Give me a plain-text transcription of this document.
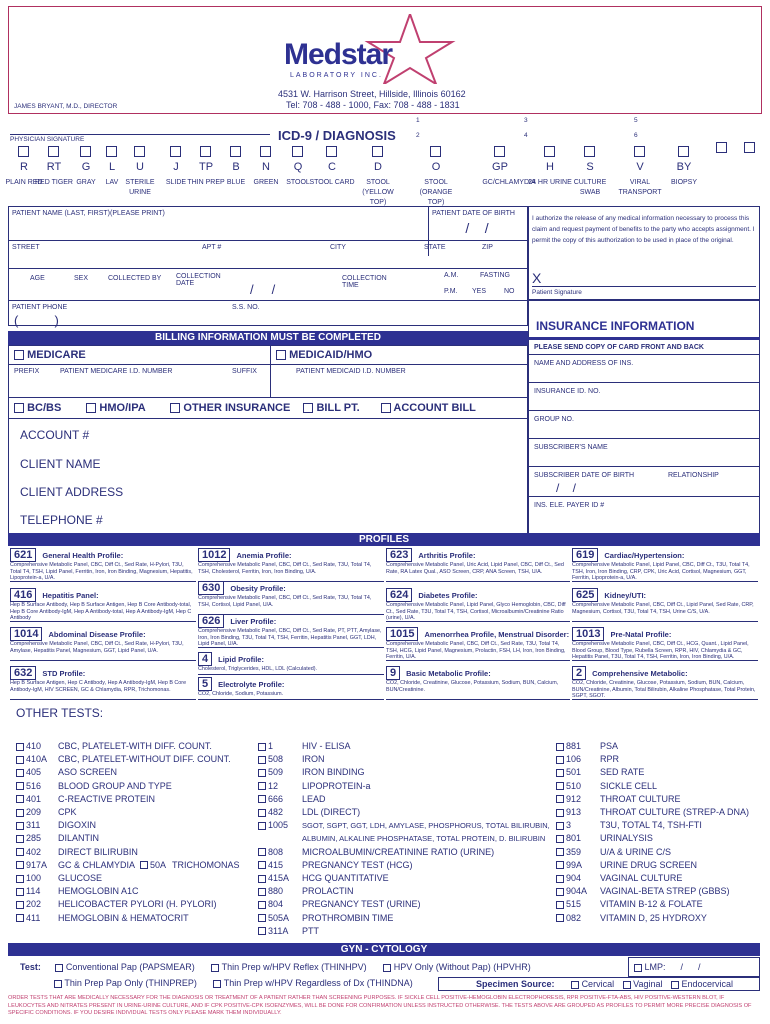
Medstar
LABORATORY INC.
4531 W. Harrison Street, Hillside, Illinois 60162
Tel: 708 - 488 - 1000, Fax: 708 - 488 - 1831
JAMES BRYANT, M.D., DIRECTOR
PHYSICIAN SIGNATURE	ICD-9 / DIAGNOSIS
1
2
3
4
5
6
R
PLAIN RED
RT
RED TIGER
G
GRAY
L
LAV
U
STERILE URINE
J
SLIDE
TP
THIN PREP
B
BLUE
N
GREEN
Q
STOOL
C
STOOL CARD
D
STOOL (YELLOW TOP)
O
STOOL (ORANGE TOP)
GP
GC/CHLAMYDIA
H
24 HR URINE
S
CULTURE SWAB
V
VIRAL TRANSPORT
BY
BIOPSY
PATIENT NAME (LAST, FIRST)(PLEASE PRINT)	PATIENT DATE OF BIRTH
/    /
STREET	APT #	CITY	STATE	ZIP
AGE	SEX	COLLECTED BY COLLECTION DATE	/     /
COLLECTION TIME
A.M.
P.M.
FASTING
YES	NO
PATIENT PHONE
(          )
S.S. NO.
I authorize the release of any medical information necessary to process this claim and request payment of benefits to the party who accepts assignment. I permit the copy of this authorization to be used in place of the original.
X
Patient Signature
BILLING INFORMATION MUST BE COMPLETED
MEDICARE	MEDICAID/HMO
PREFIX	PATIENT MEDICARE I.D. NUMBER	SUFFIX	PATIENT MEDICAID I.D. NUMBER
BC/BS	HMO/IPA	OTHER INSURANCE BILL PT.	ACCOUNT BILL
ACCOUNT #
CLIENT NAME
CLIENT ADDRESS
TELEPHONE #
INSURANCE INFORMATION
PLEASE SEND COPY OF CARD FRONT AND BACK
NAME AND ADDRESS OF INS.
INSURANCE ID. NO.
GROUP NO.
SUBSCRIBER'S NAME
SUBSCRIBER DATE OF BIRTH	RELATIONSHIP
/    /
INS. ELE. PAYER ID #
PROFILES
621 General Health Profile:
Comprehensive Metabolic Panel, CBC, Diff Ct., Sed Rate, H-Pylori, T3U, Total T4, TSH, Lipid Panel, Ferritin, Iron, Iron Binding, Magnesium, Hepatitis, Lipoprotein-a, U/A.
416 Hepatitis Panel:
Hep B Surface Antibody, Hep B Surface Antigen, Hep B Core Antibody-total, Hep B Core Antibody-IgM, Hep A Antibody-total, Hep A Antibody-IgM, Hep C Antibody
1014 Abdominal Disease Profile:
Comprehensive Metabolic Panel, CBC, Diff Ct., Sed Rate, H-Pylori, T3U, Amylase, Hepatitis Panel, Magnesium, GGT, Lipid Panel, U/A.
632 STD Profile:
Hep B Surface Antigen, Hep C Antibody, Hep A Antibody-IgM, Hep B Core Antibody-IgM, HIV SCREEN, GC & Chlamydia, RPR, Trichomonas.
1012 Anemia Profile:
Comprehensive Metabolic Panel, CBC, Diff Ct., Sed Rate, T3U, Total T4, TSH, Cholesterol, Ferritin, Iron, Iron Binding, U/A.
630 Obesity Profile:
Comprehensive Metabolic Panel, CBC, Diff Ct., Sed Rate, T3U, Total T4, TSH, Cortisol, Lipid Panel, U/A.
626 Liver Profile:
Comprehensive Metabolic Panel, CBC, Diff Ct., Sed Rate, PT, PTT, Amylase, Iron, Iron Binding, T3U, Total T4, TSH, Ferritin, Hepatitis Panel, GGT, LDH, Lipid Panel, U/A.
4 Lipid Profile:
Cholesterol, Triglycerides, HDL, LDL (Calculated).
5 Electrolyte Profile:
CO2, Chloride, Sodium, Potassium.
623 Arthritis Profile:
Comprehensive Metabolic Panel, Uric Acid, Lipid Panel, CBC, Diff Ct., Sed Rate, RA Latex Qual., ASO Screen, CRP, ANA Screen, TSH, U/A.
624 Diabetes Profile:
Comprehensive Metabolic Panel, Lipid Panel, Glyco Hemoglobin, CBC, Diff Ct., Sed Rate, T3U, Total T4, TSH, Cortisol, Microalbumin/Creatinine Ratio (urine), U/A.
1015 Amenorrhea Profile, Menstrual Disorder:
Comprehensive Metabolic Panel, CBC, Diff Ct., Sed Rate, T3U, Total T4, TSH, HCG, Lipid Panel, Magnesium, Prolactin, FSH, LH, Iron, Iron Binding, Ferritin, U/A.
9 Basic Metabolic Profile:
CO2, Chloride, Creatinine, Glucose, Potassium, Sodium, BUN, Calcium, BUN/Creatinine.
619 Cardiac/Hypertension:
Comprehensive Metabolic Panel, Lipid Panel, CBC, Diff Ct., T3U, Total T4, TSH, Iron, Iron Binding, CRP, CPK, Uric Acid, Cortisol, Magnesium, GGT, Ferritin, Lipoprotein-a, U/A.
625 Kidney/UTI:
Comprehensive Metabolic Panel, CBC, Diff Ct., Lipid Panel, Sed Rate, CRP, Magnesium, Cortisol, T3U, Total T4, TSH, Urine C/S, U/A.
1013 Pre-Natal Profile:
Comprehensive Metabolic Panel, CBC, Diff Ct., HCG, Quant., Lipid Panel, Blood Group, Blood Type, Rubella Screen, RPR, HIV, Chlamydia & GC, Hepatitis Panel, T3U, Total T4, TSH, Ferritin, Iron, Iron Binding, U/A.
2 Comprehensive Metabolic:
CO2, Chloride, Creatinine, Glucose, Potassium, Sodium, BUN, Calcium, BUN/Creatinine, Albumin, Total Bilirubin, Alkaline Phosphatase, Total Protein, SGPT, SGOT.
OTHER TESTS:
410 CBC, PLATELET-WITH DIFF. COUNT.
410A CBC, PLATELET-WITHOUT DIFF. COUNT.
405 ASO SCREEN
516 BLOOD GROUP AND TYPE
401 C-REACTIVE PROTEIN
209 CPK
311 DIGOXIN
285 DILANTIN
402 DIRECT BILIRUBIN
917A GC & CHLAMYDIA
100 GLUCOSE
114 HEMOGLOBIN A1C
202 HELICOBACTER PYLORI (H. PYLORI)
411 HEMOGLOBIN & HEMATOCRIT
1	HIV - ELISA
508 IRON
509 IRON BINDING
12	LIPOPROTEIN-a
666 LEAD
482 LDL (DIRECT)
1005 SGOT, SGPT, GGT, LDH, AMYLASE, PHOSPHORUS, TOTAL BILIRUBIN,
ALBUMIN, ALKALINE PHOSPHATASE, TOTAL PROTEIN, D. BILIRUBIN
808 MICROALBUMIN/CREATININE RATIO (URINE)
415 PREGNANCY TEST (HCG)
415A HCG QUANTITATIVE
880 PROLACTIN
804 PREGNANCY TEST (URINE)
505A PROTHROMBIN TIME
311A PTT
881 PSA
106 RPR
501 SED RATE
510 SICKLE CELL
912 THROAT CULTURE
913 THROAT CULTURE (STREP-A DNA)
3	T3U, TOTAL T4, TSH-FTI
801 URINALYSIS
359 U/A & URINE C/S
99A URINE DRUG SCREEN
904 VAGINAL CULTURE
904A VAGINAL-BETA STREP (GBBS)
515 VITAMIN B-12 & FOLATE
082 VITAMIN D, 25 HYDROXY
50A TRICHOMONAS
GYN - CYTOLOGY
Test:	Conventional Pap (PAPSMEAR)	Thin Prep w/HPV Reflex (THINHPV)	HPV Only (Without Pap) (HPVHR)	LMP:      /      /
Thin Prep Pap Only (THINPREP)	Thin Prep w/HPV Regardless of Dx (THINDNA)	Specimen Source:	Cervical Vaginal Endocervical
ORDER TESTS THAT ARE MEDICALLY NECESSARY FOR THE DIAGNOSIS OR TREATMENT OF A PATIENT RATHER THAN SCREENING PURPOSES. IF SICKLE CELL POSITIVE-HEMOGLOBIN ELECTROPHORESIS, RPR POSITIVE-FTA-ABS, HIV POSITIVE-WESTERN BLOT, IF LEUKOCYTES AND NITRATES PRESENT IN URINE-URINE CULTURE, AND IF CPK POSITIVE-CPK ISOENZYMES, WILL BE DONE FOR CONFIRMATION UNLESS INSTRUCTED OTHERWISE. THE TESTS ABOVE ARE GROUPED AS PROFILES TO PERMIT MORE PRECISE DIAGNOSIS OF SPECIFIC CONDITIONS. IF YOU DESIRE INDIVIDUAL TESTS ONLY PLEASE MARK THEM INDIVIDUALLY.
